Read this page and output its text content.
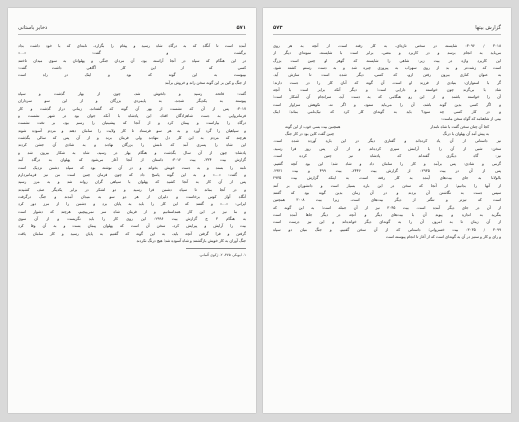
۵۷۱
ذخایر باستانی
آمده است تا آنگاه که به درگاه شاه رسید و پیغام را بگزارد، نامه‌ای که با خود داشت بداد
برگشت و گفت: «...»
در این هنگام که سپاه در آنجا آراسته بود، آن مردان جنگی و پهلوانان به سوی میدان تاختند
کسی که از این کار آگاهی داشت گفت:
بپیوست به این گونه که بود و اینک در راه است
از جنگ و کین بر این گونه سخن راند و خروش برآمد
گفت: فاتحه رسید و دلخوش شد، چون از بهار گذشت و سپاه
پیوسته به یکدیگر شدند، به پایمردی بزرگان و از این سو سرداران
۳۰۱۷: پس از آن که نشست از بهر آن گونه که گفته‌اند، زمانی دراز گذشت و کار
فرمانروایی به دست شاهزادگان افتاد، این پادشاه با آنکه جوان بود در شهر نشست و
درگاه را بیاراست و پیمان کرد و از آنجا که پیشینیان را رسم بود، بر تخت نشست
و سپاهیان را گرد آورد و به هر سو فرستاد تا کار ولایت را سامان دهند و مردم آسوده شوند
هرچند که مردم به این کار دل ننهادند ولی فرمان برند و از آن پس که سالی بگذشت
این شاه را پسری آمد که نامش را بزرگان نهادند و به شادی آن جشن کردند
پادشاه: چون از آن سال بگذشت و هنگام بهار در رسید، شاه به شکار بیرون شد و
گزارش بیت ۳۳۴، بیت ۳۰۱۲: داستان از آنجا آغاز می‌شود که پهلوان به درگاه آمد
نامه را بستد و به دست خویش بخواند و در آن نوشته بود که سپاه دشمن نزدیک است
و گفت: «...» و به این گونه پاسخ داد که چون فرمان چنین است من نیز فرمانبردارم
پس از آن کار به آنجا کشید که پهلوان با سپاهی گران روانه شد و به مرز رسید
و در آنجا بماند تا سپاه دشمن فرا رسید و دو لشکر در برابر یکدیگر صف کشیدند
آنگاه آواز کوس برخاست و دلیران از هر دو سو به میدان آمدند و جنگ درگرفت
ایرانی: «...» و گفتند که این کار را باید به پایان برد و دشمن را از مرز دور کرد
و ما نیز در این کار همداستانیم و از فرمان شاه سر نمی‌پیچیم، هرچند که دشوار است
به هنگام ۳ ج گزارش بیت ۲۹۹۶: این روی کار را باید نگریست و از آن سوی
بیت را آرایش و پیرایش کرد، سخن آن است که پهلوان پیمان بست و به آن وفا کرد
گرفتن و فرا گرفتن آنچه باید، به این گونه که گفتیم به پایان رسید و کار سامان یافت
جنگ آوران به کار خویش بازگشتند و شاه آسوده شد؛ هیچ درنگ نکردند
۱. ابوبکر، ۳۷۵، ۲. ژکوی آلمانی.
گزارش بیتها
۵۷۳
۳۰۱۸ / ۳۰۹۶: شایسته در سخنی تازه‌ای، به کار رفته است، از آنچه به هر روی
می‌باید به انجام برسد و در کاربرد و معنی، برابر است با شایسته. نمونه‌ای دیگر از
این کاربرد واژه در بیت زیر: شاهی را شایسته که گوهر او چنین است بزرگ
است که زشت‌تر و بد از روی سهراب به پیروزی چیره شد و به دست رستم کشته شود.
به عنوان کناری بیرون رفتن ازو، که کسی، دیگر شده است تا سازش آید.
گر با استواران: بنیادی از فرزند او است، آن گونه که آنان کار را در دست دارند؛
شاد با بی‌گزند چون خواسته و دارایی است؛ و دیگر آنکه برابر است با آنچه
آن را خواسته باشند و از این رو هنگامی که به دست آید، سرانجام آن آشکار است؛
و اگر کسی بدین گونه باشد، آن را می‌باید ستود، و اگر نه، نکوهش سزاوار است
و در کار کسی چه سود؟ باید به گونه‌ای کار کرد که نیک‌نامی بماند؛ اینک
بیتی از شاهنامه که گواه سخن ماست:
کجا آن چنان سخن گفت با شاه نامدار
همچنین بیت بسی خوب از این گونه
به پیش آمد آن پهلوان با درنگ
چنین گفت کاین بود در کار جنگ
نیز داستانی از آن یاد کرده‌اند و گفتاری دیگر در این باره آورده شده است.
سخن: شبی از آن را با آرامش سپری کرده‌اند و از آن پس روز فرا رسید.
نیز: گاه دیگری گفته‌اند که پادشاه نیز چنین کرده است.
گرمی و شادی: پس برآمد و کار را سامان داد و شاد شد؛ این بود آنچه گفتیم.
پس از آن در بیت ۲۹۳۵: از گزارش بیت ۲۴۴۶، بیت ۴۹۹ و بیت ۲۹۳۱.
بالولانا به جای بیت‌های آینده به کار رفته است، به اینکه گزارش بیت ۲۹۳۵
از آنها را بدانیم؛ از آنجا که سخن در این باره بسیار است و دانشوران بر آنند
سپس دست به نگاشتن آن بردند و در آن زمان بدین گونه بود که گفتند
است که تیزتر و تنگتر از دیگر بیت‌های است، زیرا بیت ۳۰۰۸ همچنین
از آن در جای دیگر آمده است. بیت ۳۰۴۵ نیز از آن جمله است؛ به این گونه که
بنگرید به اندازه و پیوند آن با بیت‌های دیگر و آنچه در دیگر جاها آمده است
از آن زمان تا به امروز، آن را به گونه‌ای دیگر خوانده‌اند و این نیز درست است
۳۰۹۹ / ۳۰۳۵: بیت خسروانی؛ داستانی که از آن سخن گفتیم، و جنگ میان دو سپاه
و رای و کار و ستیز در آن به گونه‌ای است که از آغاز تا انجام پیوسته است
